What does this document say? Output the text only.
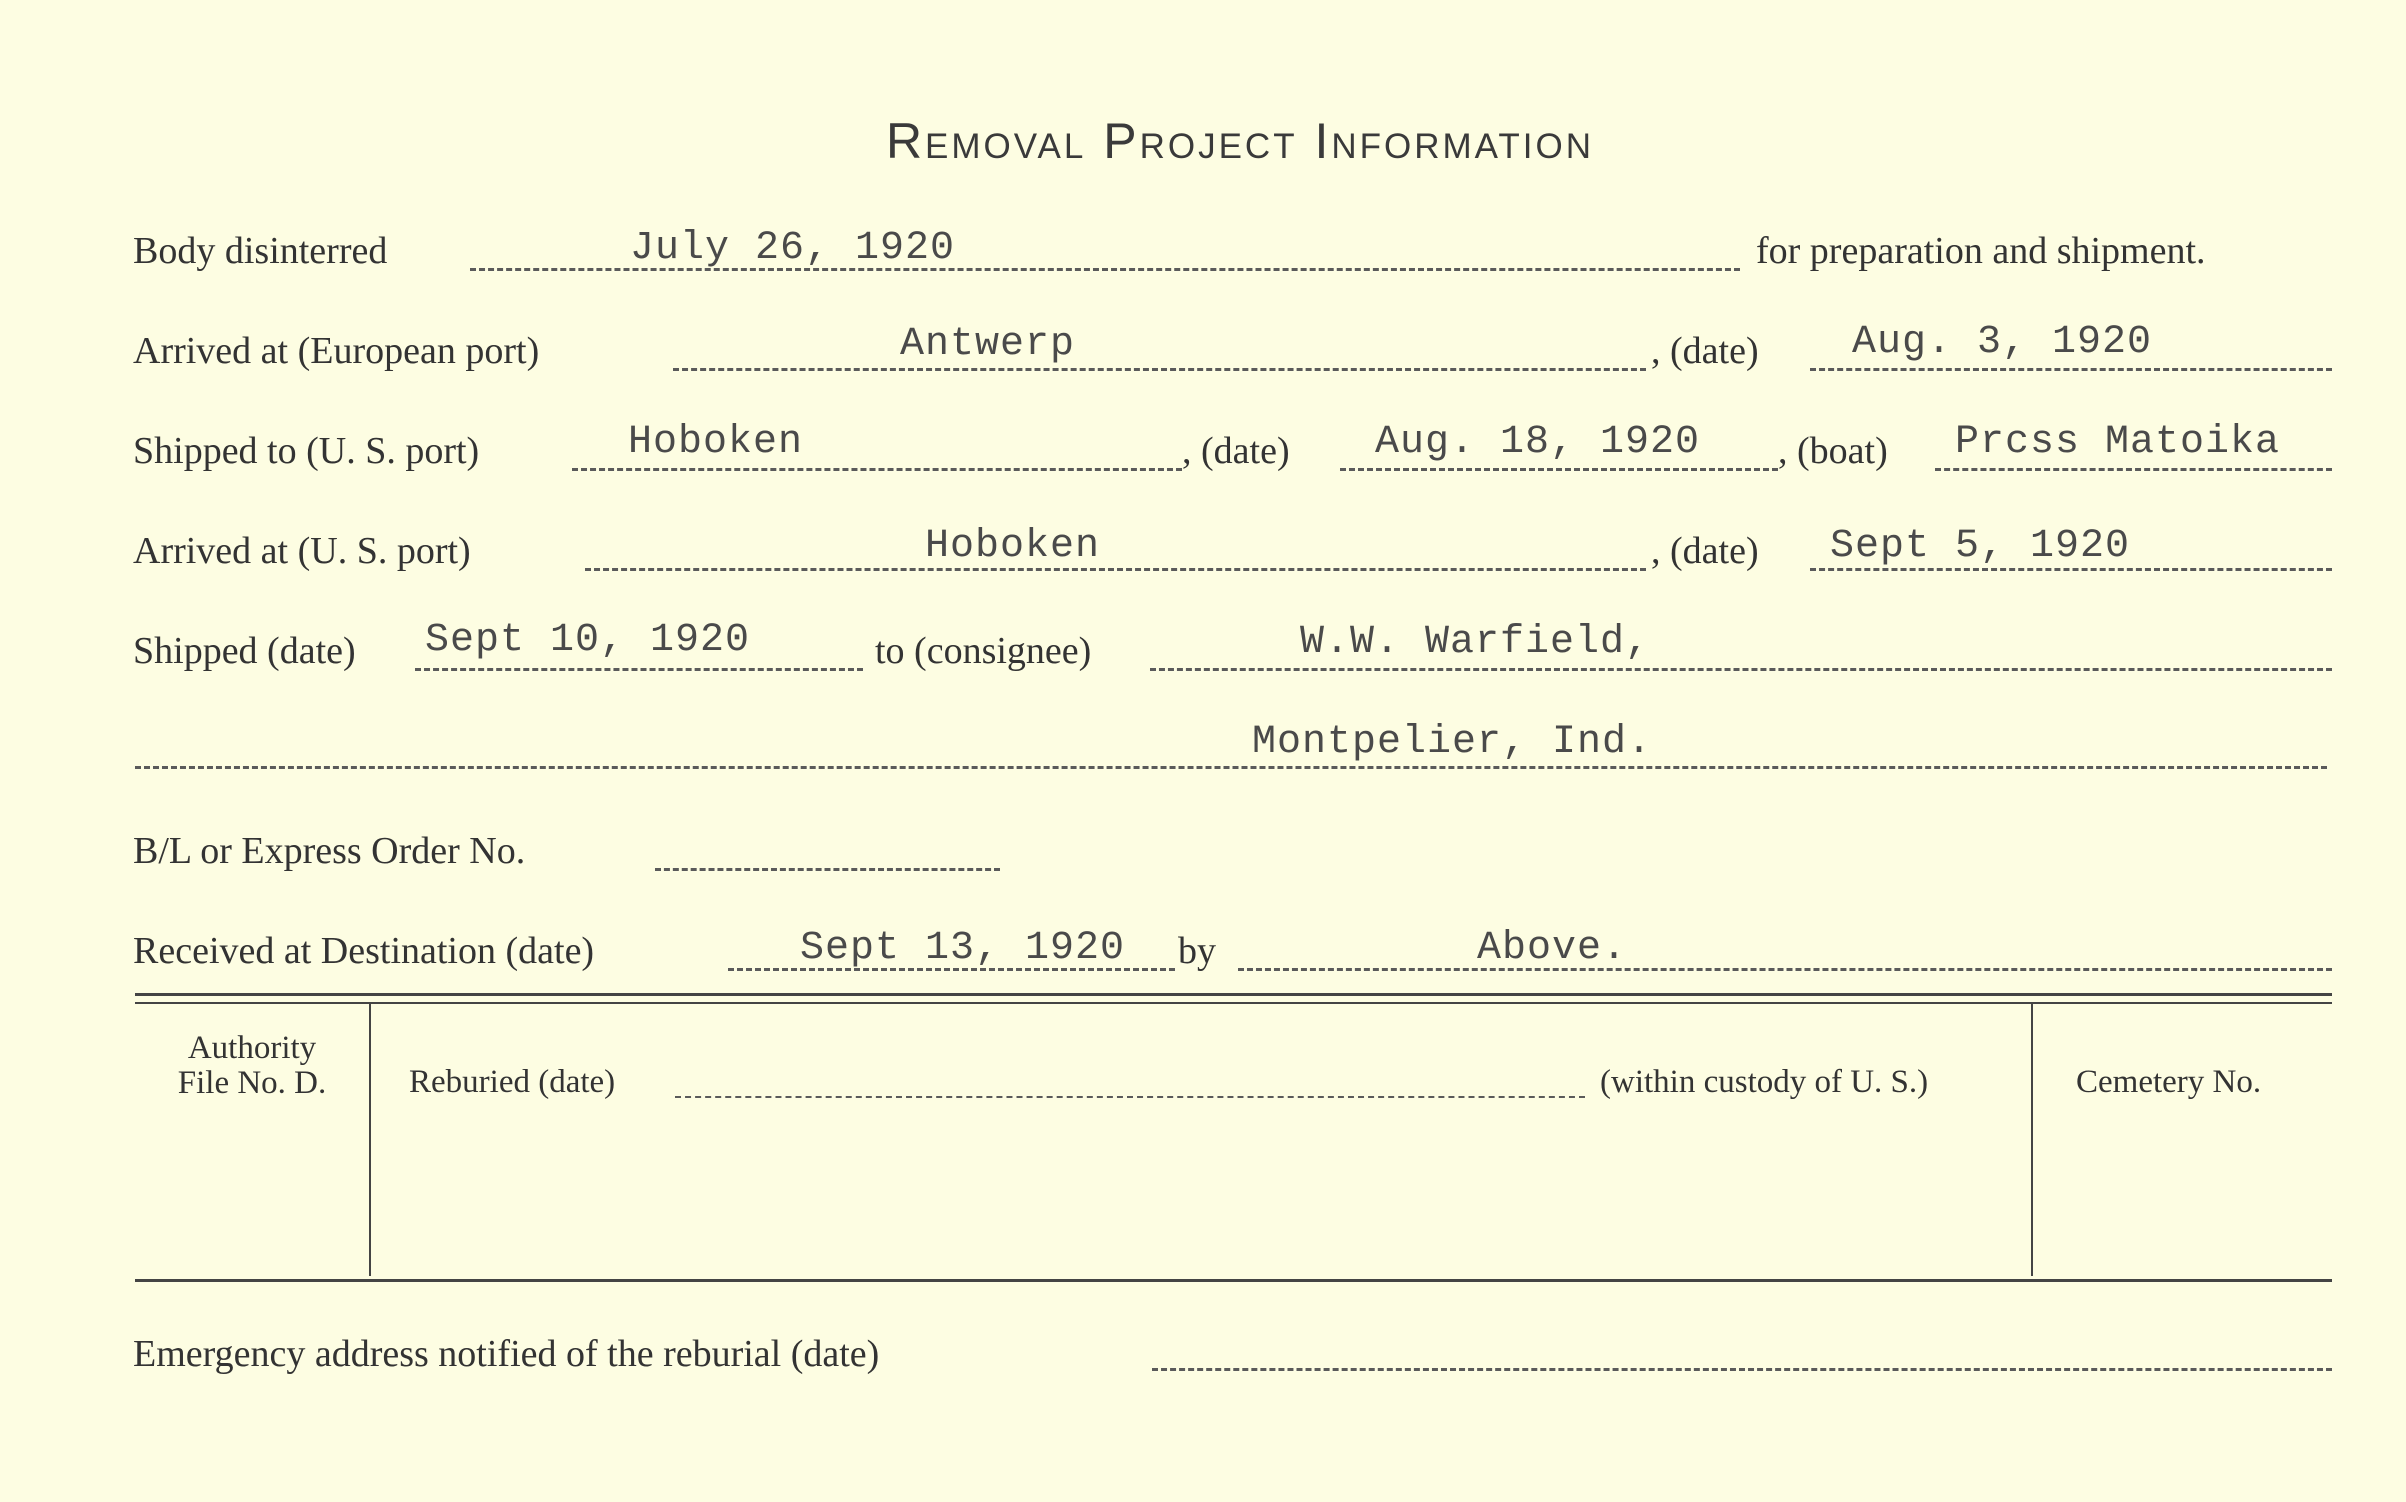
Removal Project Information
Body disinterred	July 26, 1920	for preparation and shipment.
Arrived at (European port)	Antwerp	, (date) Aug. 3, 1920
Shipped to (U. S. port)	Hoboken	, (date) Aug. 18, 1920 , (boat) Prcss Matoika
Arrived at (U. S. port)	Hoboken	, (date) Sept 5, 1920
Shipped (date) Sept 10, 1920	to (consignee)	W.W. Warfield,
Montpelier, Ind.
B/L or Express Order No.
Received at Destination (date)	Sept 13, 1920 by	Above.
Authority
File No. D.	Reburied (date)	(within custody of U. S.)	Cemetery No.
Emergency address notified of the reburial (date)
